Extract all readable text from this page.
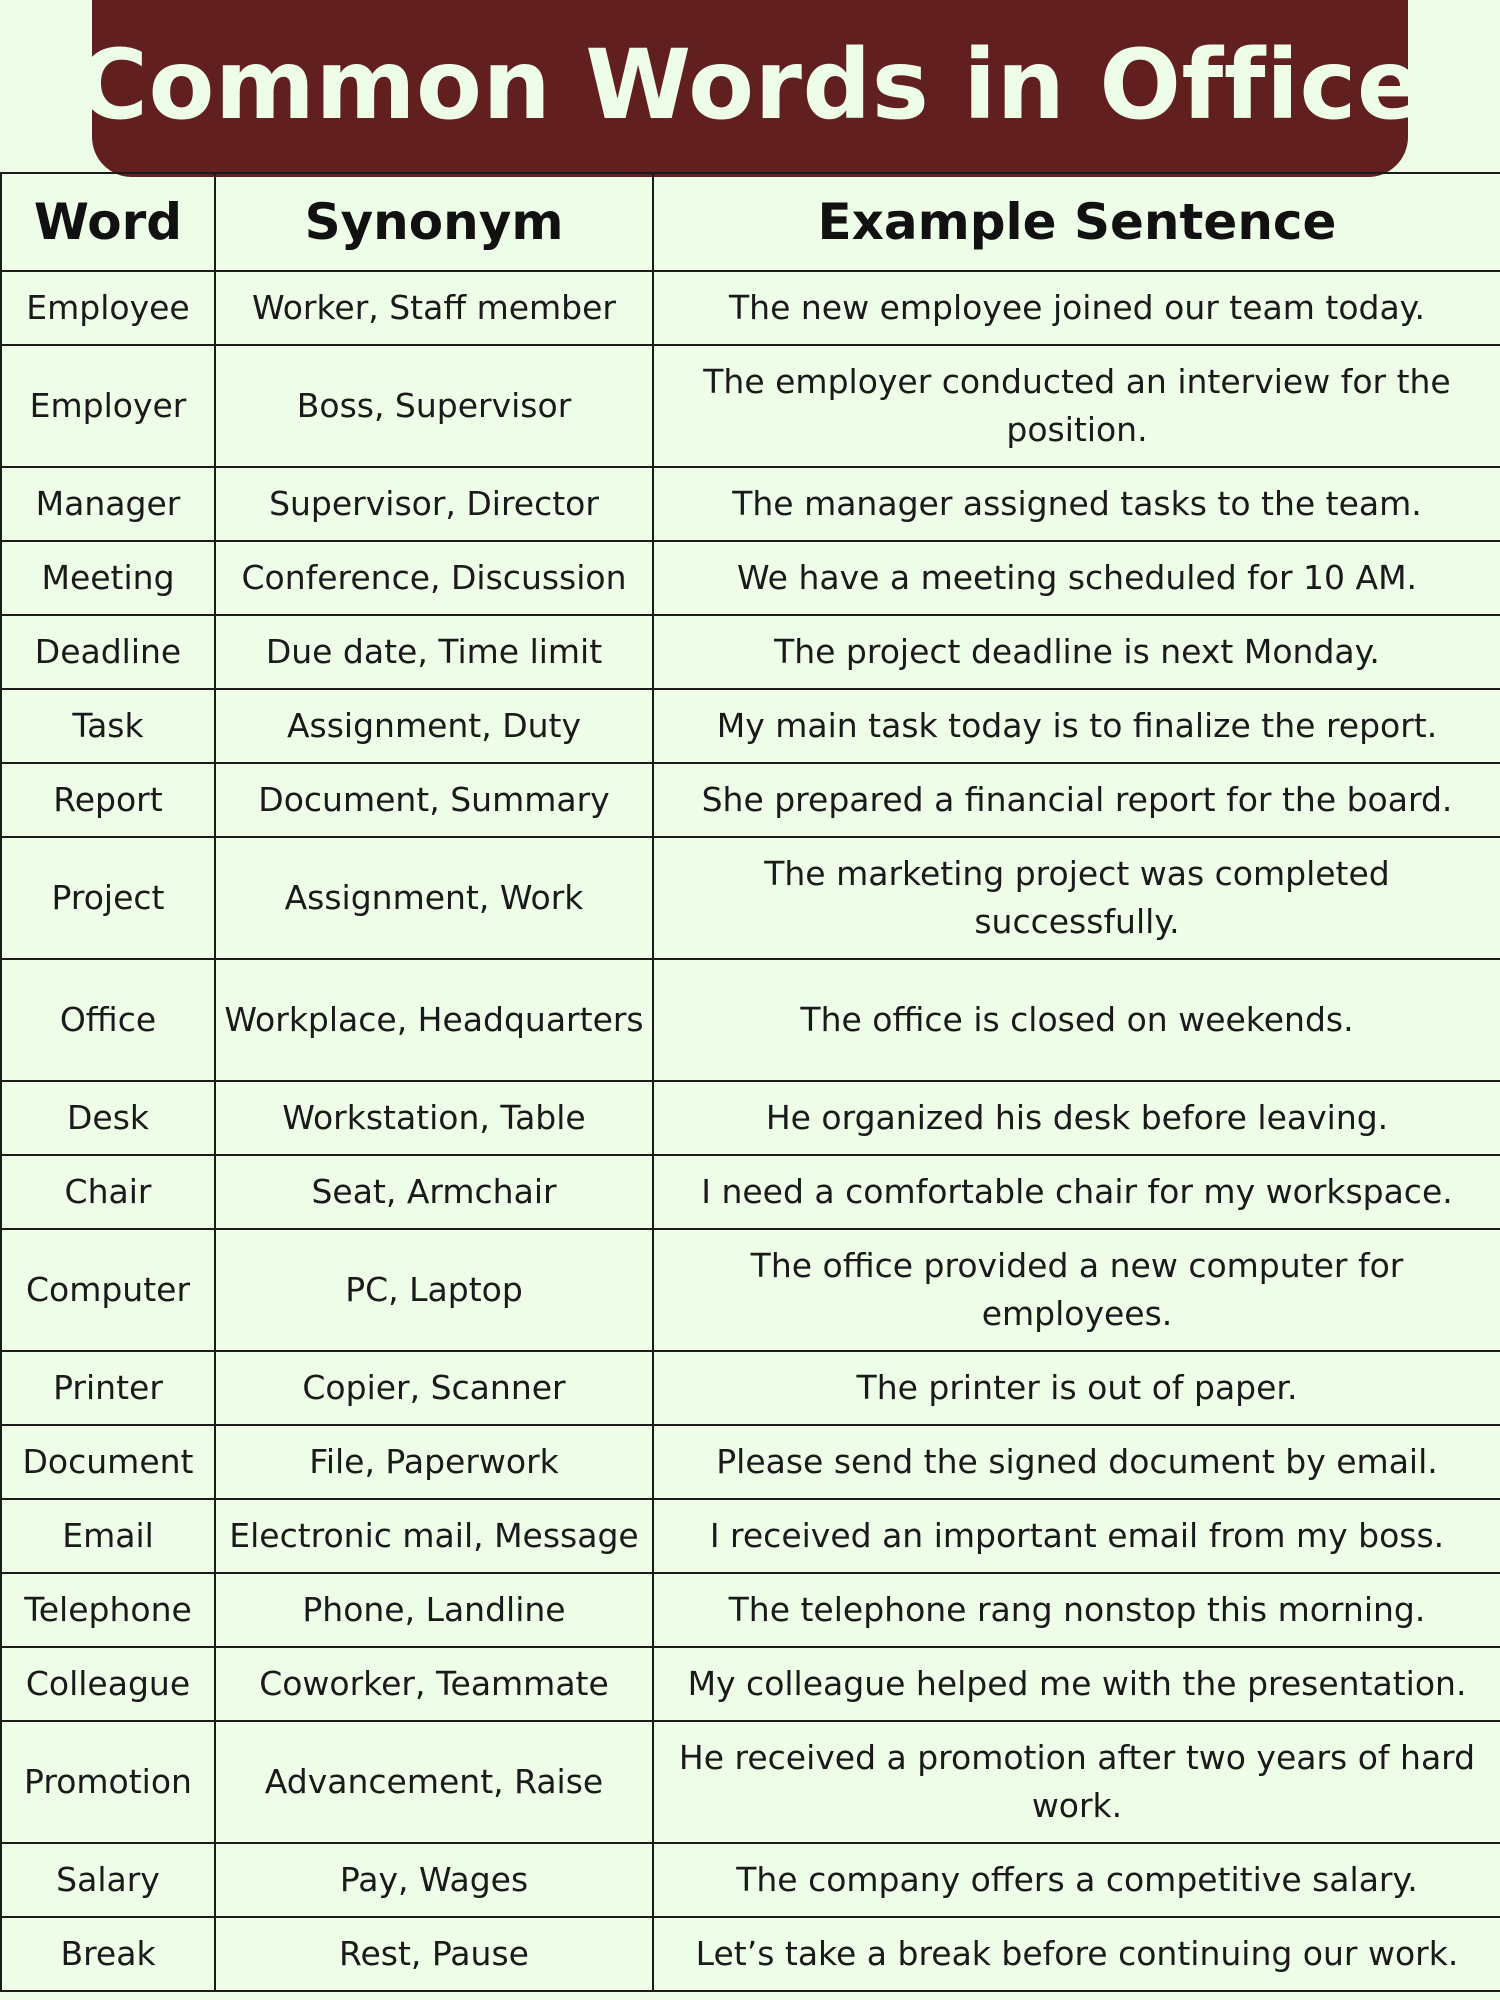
Common Words in Office
Word	Synonym	Example Sentence
Employee	Worker, Staff member	The new employee joined our team today.
Employer	Boss, Supervisor	The employer conducted an interview for the position.
Manager	Supervisor, Director	The manager assigned tasks to the team.
Meeting	Conference, Discussion	We have a meeting scheduled for 10 AM.
Deadline	Due date, Time limit	The project deadline is next Monday.
Task	Assignment, Duty	My main task today is to finalize the report.
Report	Document, Summary	She prepared a financial report for the board.
Project	Assignment, Work	The marketing project was completed successfully.
Office	Workplace, Headquarters	The office is closed on weekends.
Desk	Workstation, Table	He organized his desk before leaving.
Chair	Seat, Armchair	I need a comfortable chair for my workspace.
Computer	PC, Laptop	The office provided a new computer for employees.
Printer	Copier, Scanner	The printer is out of paper.
Document	File, Paperwork	Please send the signed document by email.
Email	Electronic mail, Message	I received an important email from my boss.
Telephone	Phone, Landline	The telephone rang nonstop this morning.
Colleague	Coworker, Teammate	My colleague helped me with the presentation.
Promotion	Advancement, Raise	He received a promotion after two years of hard work.
Salary	Pay, Wages	The company offers a competitive salary.
Break	Rest, Pause	Let’s take a break before continuing our work.
